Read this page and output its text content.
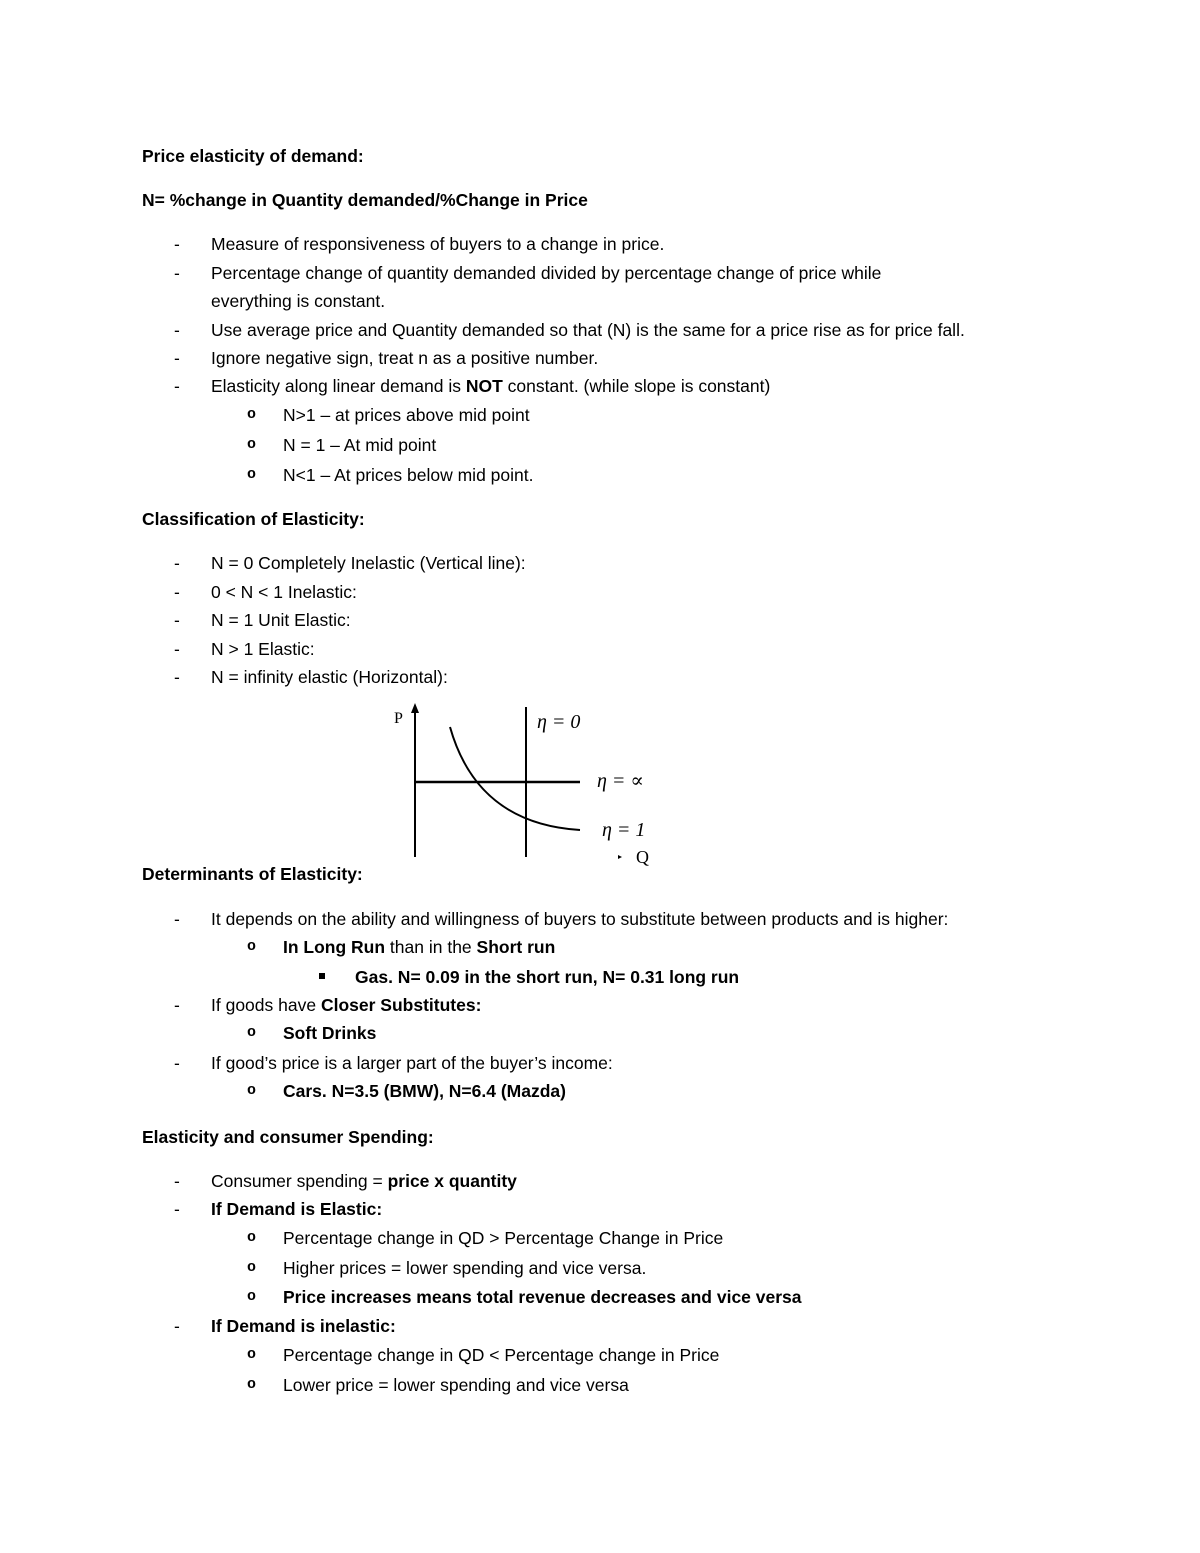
Price elasticity of demand:
N= %change in Quantity demanded/%Change in Price
- Measure of responsiveness of buyers to a change in price.
- Percentage change of quantity demanded divided by percentage change of price while
everything is constant.
- Use average price and Quantity demanded so that (N) is the same for a price rise as for price fall.
- Ignore negative sign, treat n as a positive number.
- Elasticity along linear demand is NOT constant. (while slope is constant)
o N>1 – at prices above mid point
o N = 1 – At mid point
o N<1 – At prices below mid point.
Classification of Elasticity:
- N = 0 Completely Inelastic (Vertical line):
- 0 < N < 1 Inelastic:
- N = 1 Unit Elastic:
- N > 1 Elastic:
- N = infinity elastic (Horizontal):
P	η = 0
η = ∝
η = 1
Q
Determinants of Elasticity:
- It depends on the ability and willingness of buyers to substitute between products and is higher:
o In Long Run than in the Short run
Gas. N= 0.09 in the short run, N= 0.31 long run
- If goods have Closer Substitutes:
o Soft Drinks
- If good’s price is a larger part of the buyer’s income:
o Cars. N=3.5 (BMW), N=6.4 (Mazda)
Elasticity and consumer Spending:
- Consumer spending = price x quantity
- If Demand is Elastic:
o Percentage change in QD > Percentage Change in Price
o Higher prices = lower spending and vice versa.
o Price increases means total revenue decreases and vice versa
- If Demand is inelastic:
o Percentage change in QD < Percentage change in Price
o Lower price = lower spending and vice versa
